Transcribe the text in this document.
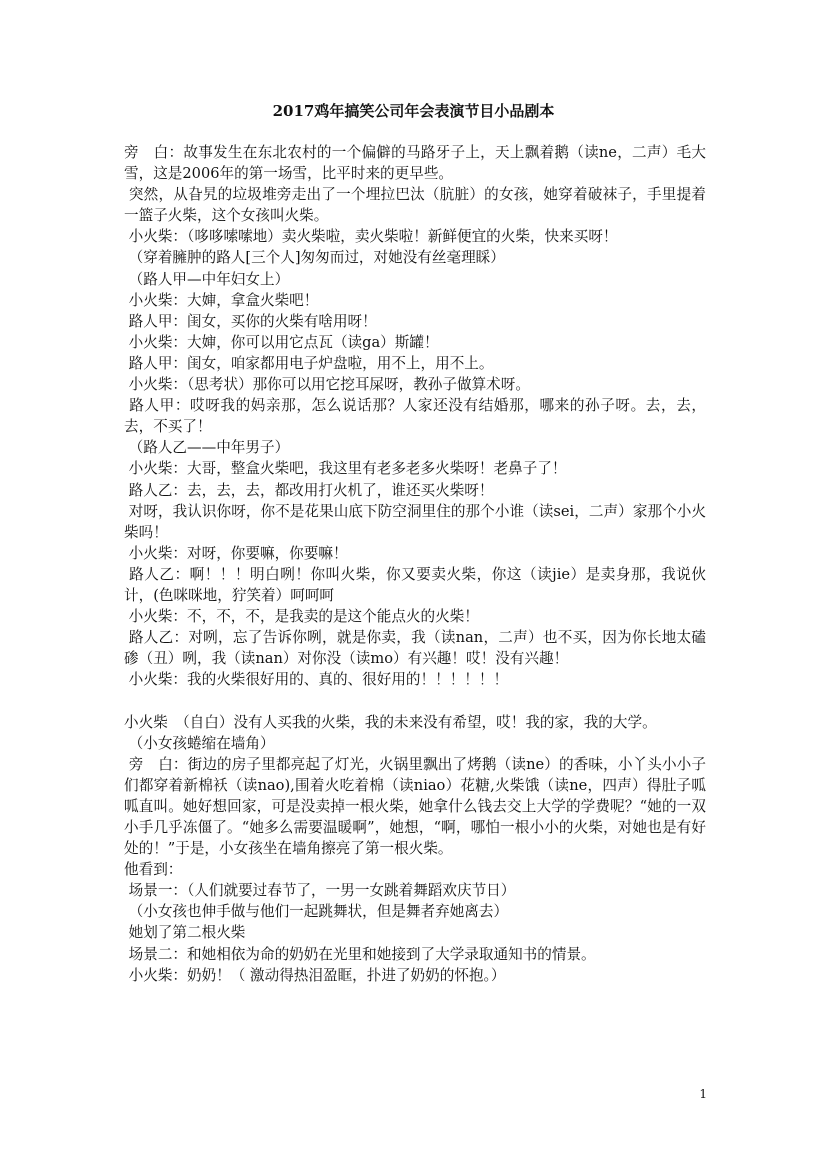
2017鸡年搞笑公司年会表演节目小品剧本

旁　白：故事发生在东北农村的一个偏僻的马路牙子上，天上飘着鹅（读ne，二声）毛大雪，这是2006年的第一场雪，比平时来的更早些。

突然，从旮旯的垃圾堆旁走出了一个埋拉巴汰（肮脏）的女孩，她穿着破袜子，手里提着一篮子火柴，这个女孩叫火柴。

小火柴：（哆哆嗦嗦地）卖火柴啦，卖火柴啦！新鲜便宜的火柴，快来买呀！

（穿着臃肿的路人[三个人]匆匆而过，对她没有丝毫理睬）

（路人甲—中年妇女上）

小火柴：大婶，拿盒火柴吧！

路人甲：闺女，买你的火柴有啥用呀！

小火柴：大婶，你可以用它点瓦（读ga）斯罐！

路人甲：闺女，咱家都用电子炉盘啦，用不上，用不上。

小火柴：（思考状）那你可以用它挖耳屎呀，教孙子做算术呀。

路人甲：哎呀我的妈亲那，怎么说话那？人家还没有结婚那，哪来的孙子呀。去，去，去，不买了！

（路人乙——中年男子）

小火柴：大哥，整盒火柴吧，我这里有老多老多火柴呀！老鼻子了！

路人乙：去，去，去，都改用打火机了，谁还买火柴呀！

对呀，我认识你呀，你不是花果山底下防空洞里住的那个小谁（读sei，二声）家那个小火柴吗！

小火柴：对呀，你要嘛，你要嘛！

路人乙：啊！！！明白咧！你叫火柴，你又要卖火柴，你这（读jie）是卖身那，我说伙计，(色咪咪地，狞笑着）呵呵呵

小火柴：不，不，不，是我卖的是这个能点火的火柴！

路人乙：对咧，忘了告诉你咧，就是你卖，我（读nan，二声）也不买，因为你长地太磕碜（丑）咧，我（读nan）对你没（读mo）有兴趣！哎！没有兴趣！

小火柴：我的火柴很好用的、真的、很好用的！！！！！！

小火柴　（自白）没有人买我的火柴，我的未来没有希望，哎！我的家，我的大学。

（小女孩蜷缩在墙角）

旁　白：街边的房子里都亮起了灯光，火锅里飘出了烤鹅（读ne）的香味，小丫头小小子们都穿着新棉袄（读nao),围着火吃着棉（读niao）花糖,火柴饿（读ne，四声）得肚子呱呱直叫。她好想回家，可是没卖掉一根火柴，她拿什么钱去交上大学的学费呢？“她的一双小手几乎冻僵了。“她多么需要温暖啊”，她想，“啊，哪怕一根小小的火柴，对她也是有好处的！”于是，小女孩坐在墙角擦亮了第一根火柴。

他看到：

场景一：（人们就要过春节了，一男一女跳着舞蹈欢庆节日）

（小女孩也伸手做与他们一起跳舞状，但是舞者弃她离去）

她划了第二根火柴

场景二：和她相依为命的奶奶在光里和她接到了大学录取通知书的情景。

小火柴：奶奶！（ 激动得热泪盈眶，扑进了奶奶的怀抱。）

1
